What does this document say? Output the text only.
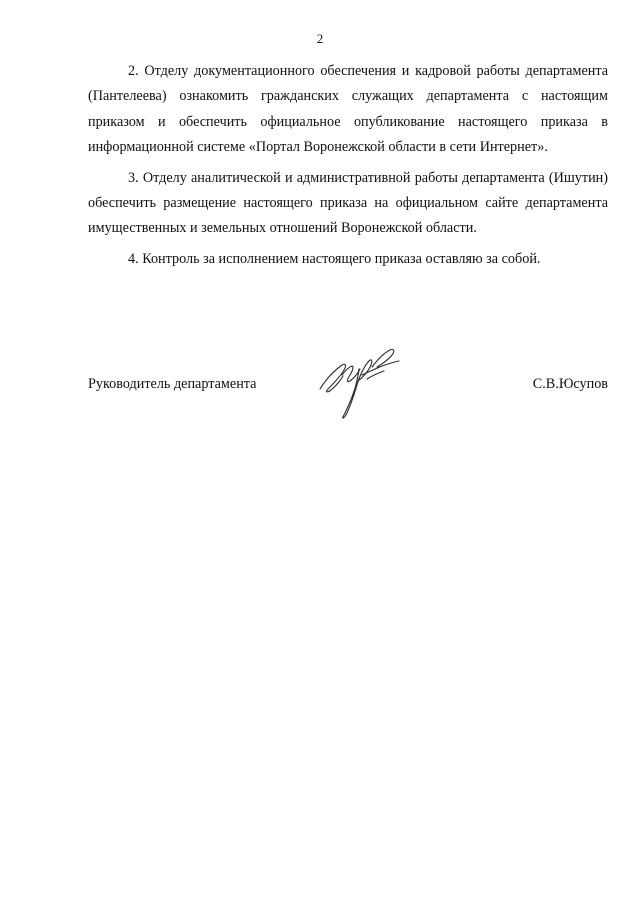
2

2. Отделу документационного обеспечения и кадровой работы департамента (Пантелеева) ознакомить гражданских служащих департамента с настоящим приказом и обеспечить официальное опубликование настоящего приказа в информационной системе «Портал Воронежской области в сети Интернет».

3. Отделу аналитической и административной работы департамента (Ишутин) обеспечить размещение настоящего приказа на официальном сайте департамента имущественных и земельных отношений Воронежской области.

4. Контроль за исполнением настоящего приказа оставляю за собой.

Руководитель департамента	С.В.Юсупов
